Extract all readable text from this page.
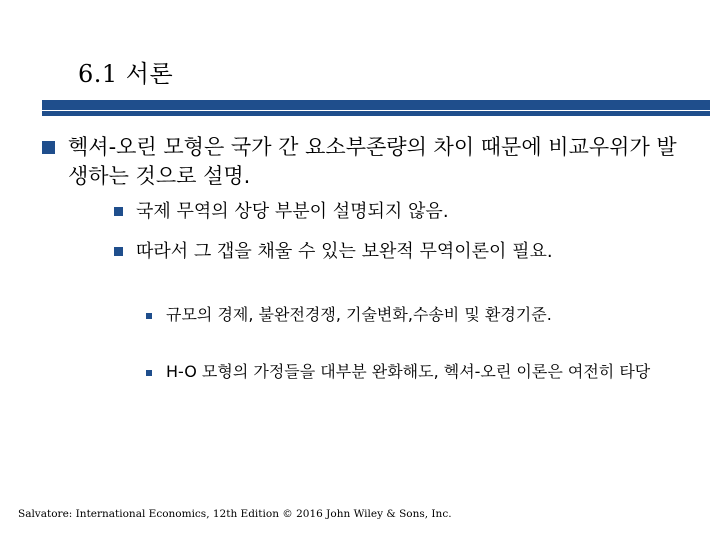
6.1 서론
헥셔-오린 모형은 국가 간 요소부존량의 차이 때문에 비교우위가 발생하는 것으로 설명.
국제 무역의 상당 부분이 설명되지 않음.
따라서 그 갭을 채울 수 있는 보완적 무역이론이 필요.
규모의 경제, 불완전경쟁, 기술변화,수송비 및 환경기준.
H-O 모형의 가정들을 대부분 완화해도, 헥셔-오린 이론은 여전히 타당
Salvatore: International Economics, 12th Edition © 2016 John Wiley & Sons, Inc.
